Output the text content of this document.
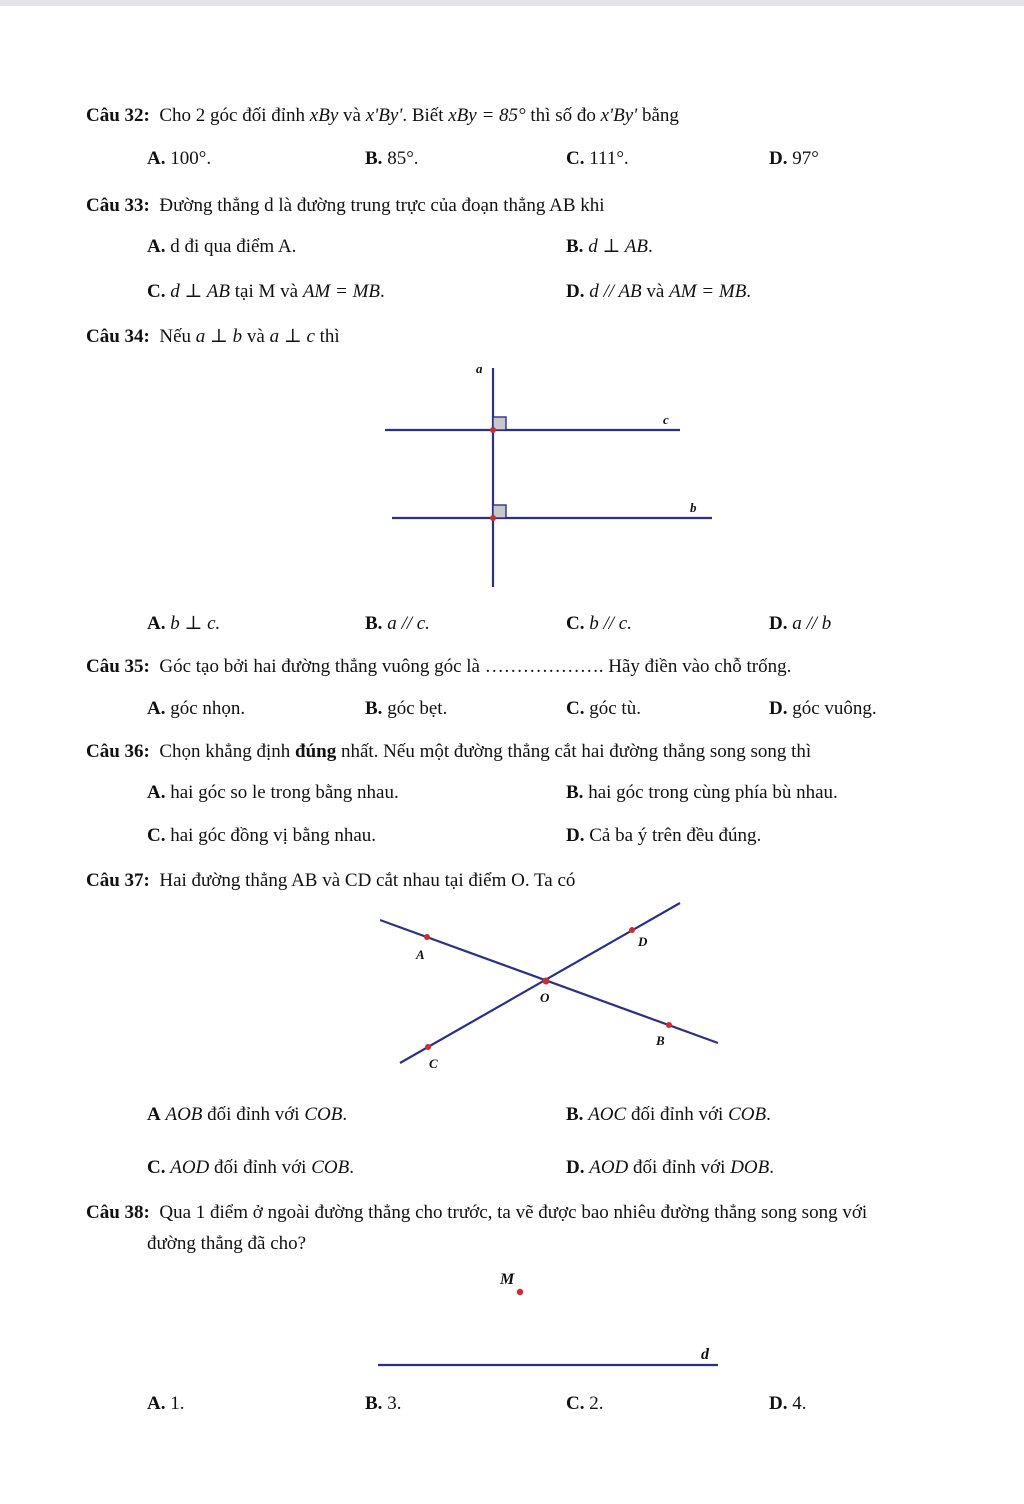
Câu 32: Cho 2 góc đối đỉnh xBy và x'By'. Biết xBy = 85° thì số đo x'By' bằng
A. 100°.	B. 85°.	C. 111°.	D. 97°
Câu 33: Đường thẳng d là đường trung trực của đoạn thẳng AB khi
A. d đi qua điểm A.	B. d ⊥ AB.
C. d ⊥ AB tại M và AM = MB.	D. d // AB và AM = MB.
Câu 34: Nếu a ⊥ b và a ⊥ c thì
a
c
b
A. b ⊥ c.	B. a // c.	C. b // c.	D. a // b
Câu 35: Góc tạo bởi hai đường thẳng vuông góc là ………………. Hãy điền vào chỗ trống.
A. góc nhọn.	B. góc bẹt.	C. góc tù.	D. góc vuông.
Câu 36: Chọn khẳng định đúng nhất. Nếu một đường thẳng cắt hai đường thẳng song song thì
A. hai góc so le trong bằng nhau.	B. hai góc trong cùng phía bù nhau.
C. hai góc đồng vị bằng nhau.	D. Cả ba ý trên đều đúng.
Câu 37: Hai đường thẳng AB và CD cắt nhau tại điểm O. Ta có
A
D
O
B
C
A AOB đối đỉnh với COB.	B. AOC đối đỉnh với COB.
C. AOD đối đỉnh với COB.	D. AOD đối đỉnh với DOB.
Câu 38: Qua 1 điểm ở ngoài đường thẳng cho trước, ta vẽ được bao nhiêu đường thẳng song song với
đường thẳng đã cho?
M
d
A. 1.	B. 3.	C. 2.	D. 4.
